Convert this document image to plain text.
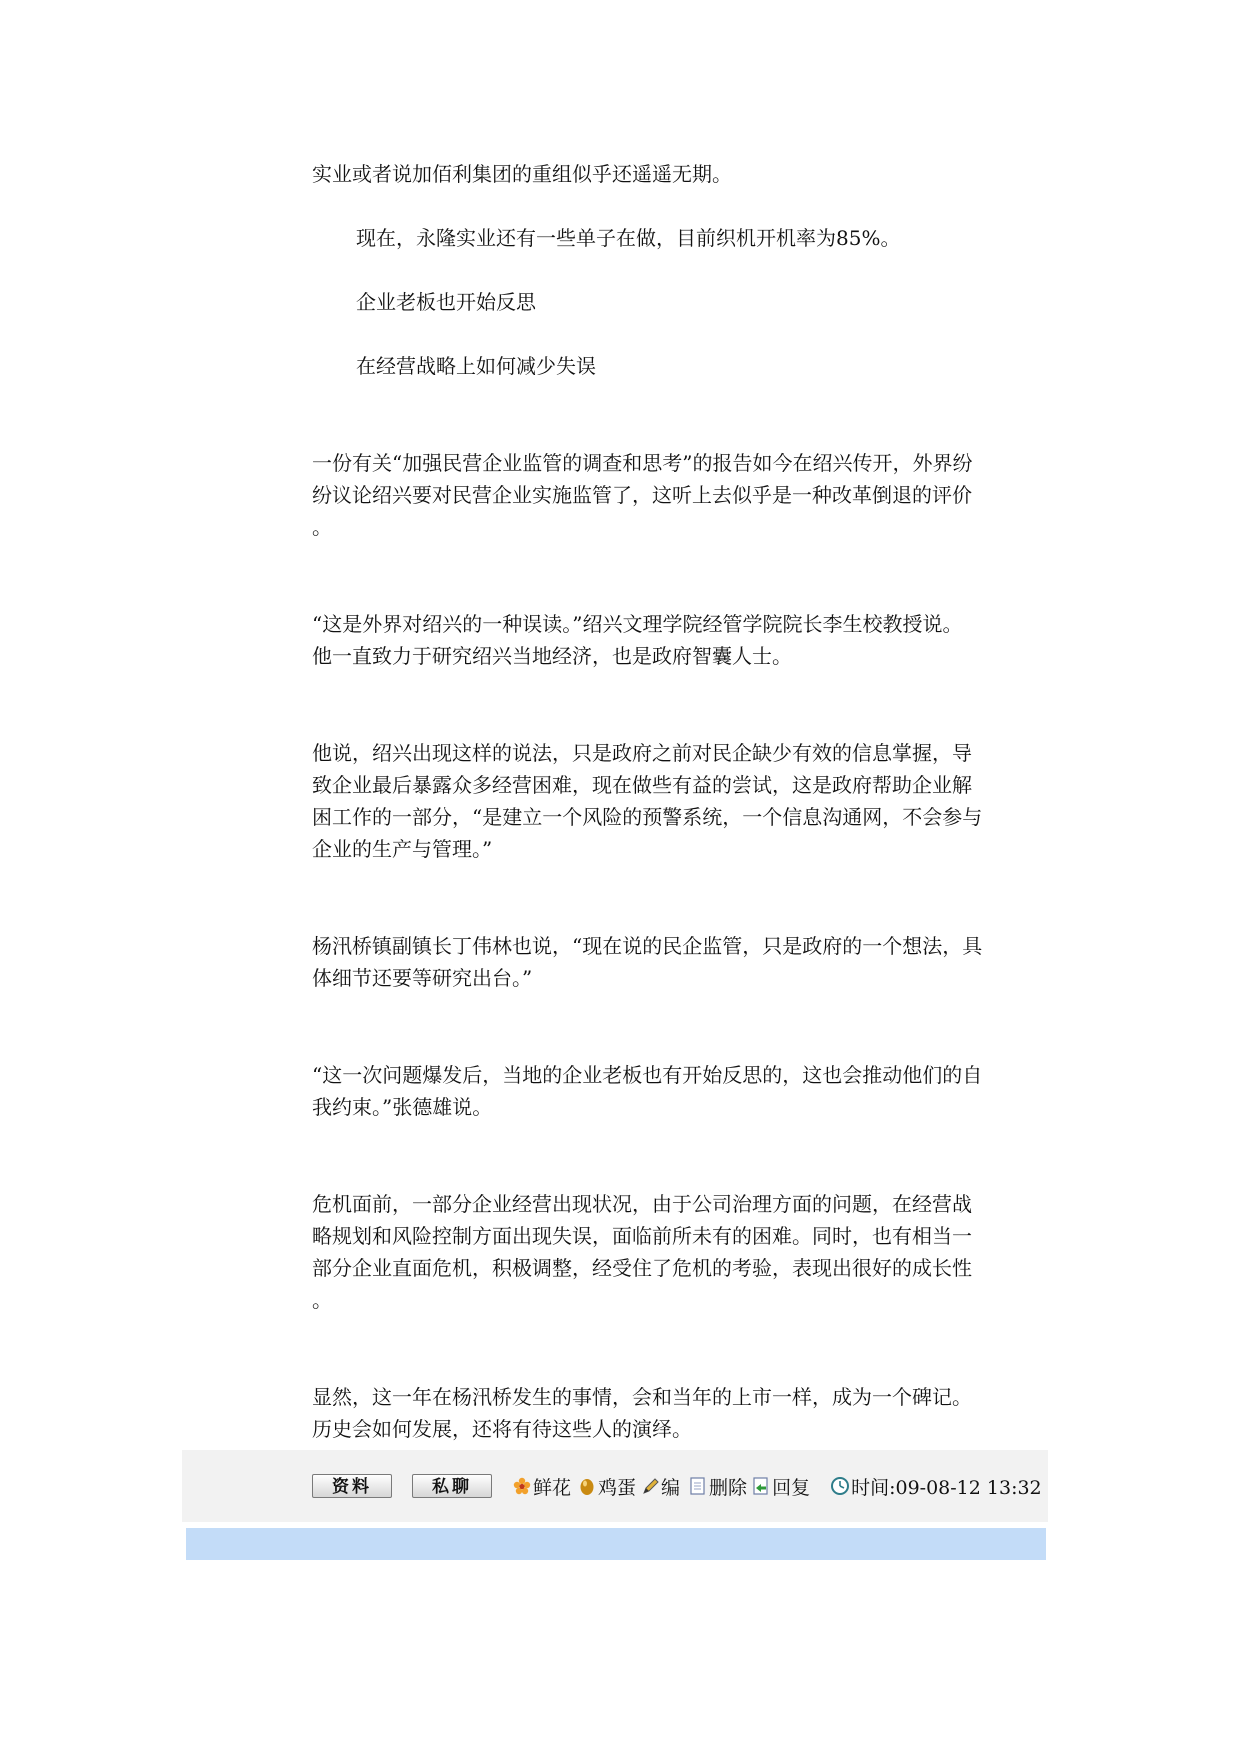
实业或者说加佰利集团的重组似乎还遥遥无期。

现在，永隆实业还有一些单子在做，目前织机开机率为85%。

企业老板也开始反思

在经营战略上如何减少失误

一份有关“加强民营企业监管的调查和思考”的报告如今在绍兴传开，外界纷

纷议论绍兴要对民营企业实施监管了，这听上去似乎是一种改革倒退的评价

。

“这是外界对绍兴的一种误读。”绍兴文理学院经管学院院长李生校教授说。

他一直致力于研究绍兴当地经济，也是政府智囊人士。

他说，绍兴出现这样的说法，只是政府之前对民企缺少有效的信息掌握，导

致企业最后暴露众多经营困难，现在做些有益的尝试，这是政府帮助企业解

困工作的一部分，“是建立一个风险的预警系统，一个信息沟通网，不会参与

企业的生产与管理。”

杨汛桥镇副镇长丁伟林也说，“现在说的民企监管，只是政府的一个想法，具

体细节还要等研究出台。”

“这一次问题爆发后，当地的企业老板也有开始反思的，这也会推动他们的自

我约束。”张德雄说。

危机面前，一部分企业经营出现状况，由于公司治理方面的问题，在经营战

略规划和风险控制方面出现失误，面临前所未有的困难。同时，也有相当一

部分企业直面危机，积极调整，经受住了危机的考验，表现出很好的成长性

。

显然，这一年在杨汛桥发生的事情，会和当年的上市一样，成为一个碑记。

历史会如何发展，还将有待这些人的演绎。

资料	私聊	鲜花 鸡蛋 编 删除 回复 时间:09-08-12 13:32
